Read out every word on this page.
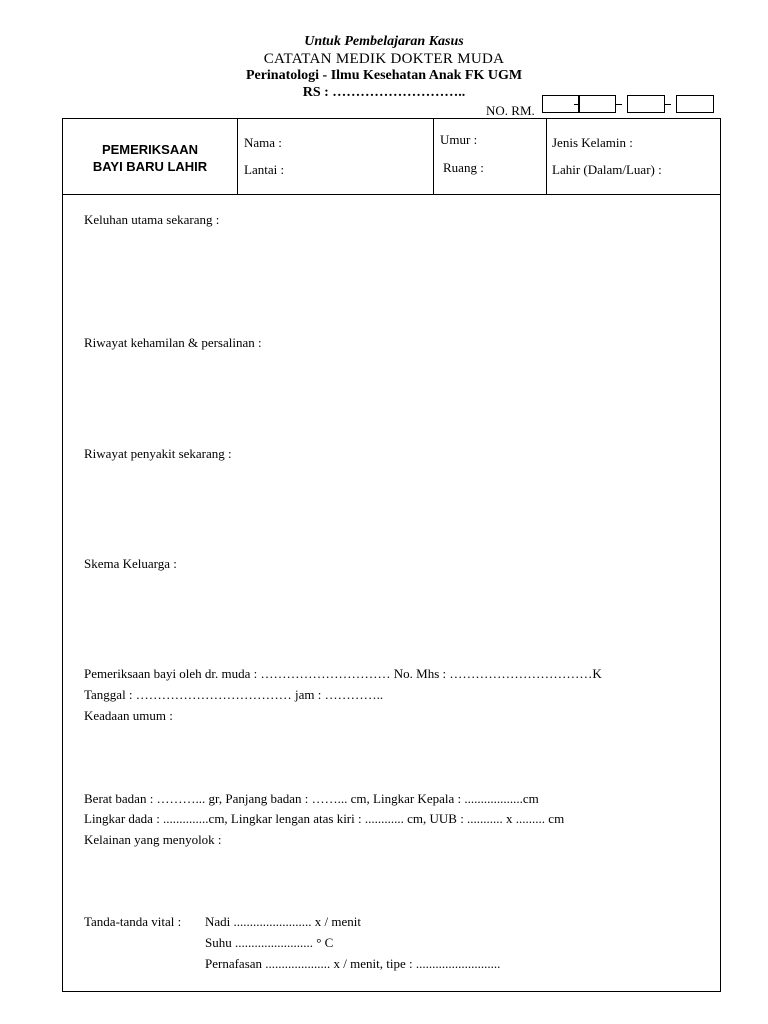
Untuk Pembelajaran Kasus
CATATAN MEDIK DOKTER MUDA
Perinatologi - Ilmu Kesehatan Anak FK UGM
RS : ………………………..
NO. RM.
PEMERIKSAAN
BAYI BARU LAHIR
Nama :
Lantai :
Umur :
Ruang :
Jenis Kelamin :
Lahir (Dalam/Luar) :
Keluhan utama sekarang :
Riwayat kehamilan & persalinan :
Riwayat penyakit sekarang :
Skema Keluarga :
Pemeriksaan bayi oleh dr. muda : ………………………… No. Mhs : ……………………………K
Tanggal : ……………………………… jam : …………..
Keadaan umum :
Berat badan : ………... gr, Panjang badan : ……... cm, Lingkar Kepala : ..................cm
Lingkar dada : ..............cm, Lingkar lengan atas kiri : ............ cm, UUB : ........... x ......... cm
Kelainan yang menyolok :
Tanda-tanda vital : Nadi ........................ x / menit
Suhu ........................ ° C
Pernafasan .................... x / menit, tipe : ..........................
